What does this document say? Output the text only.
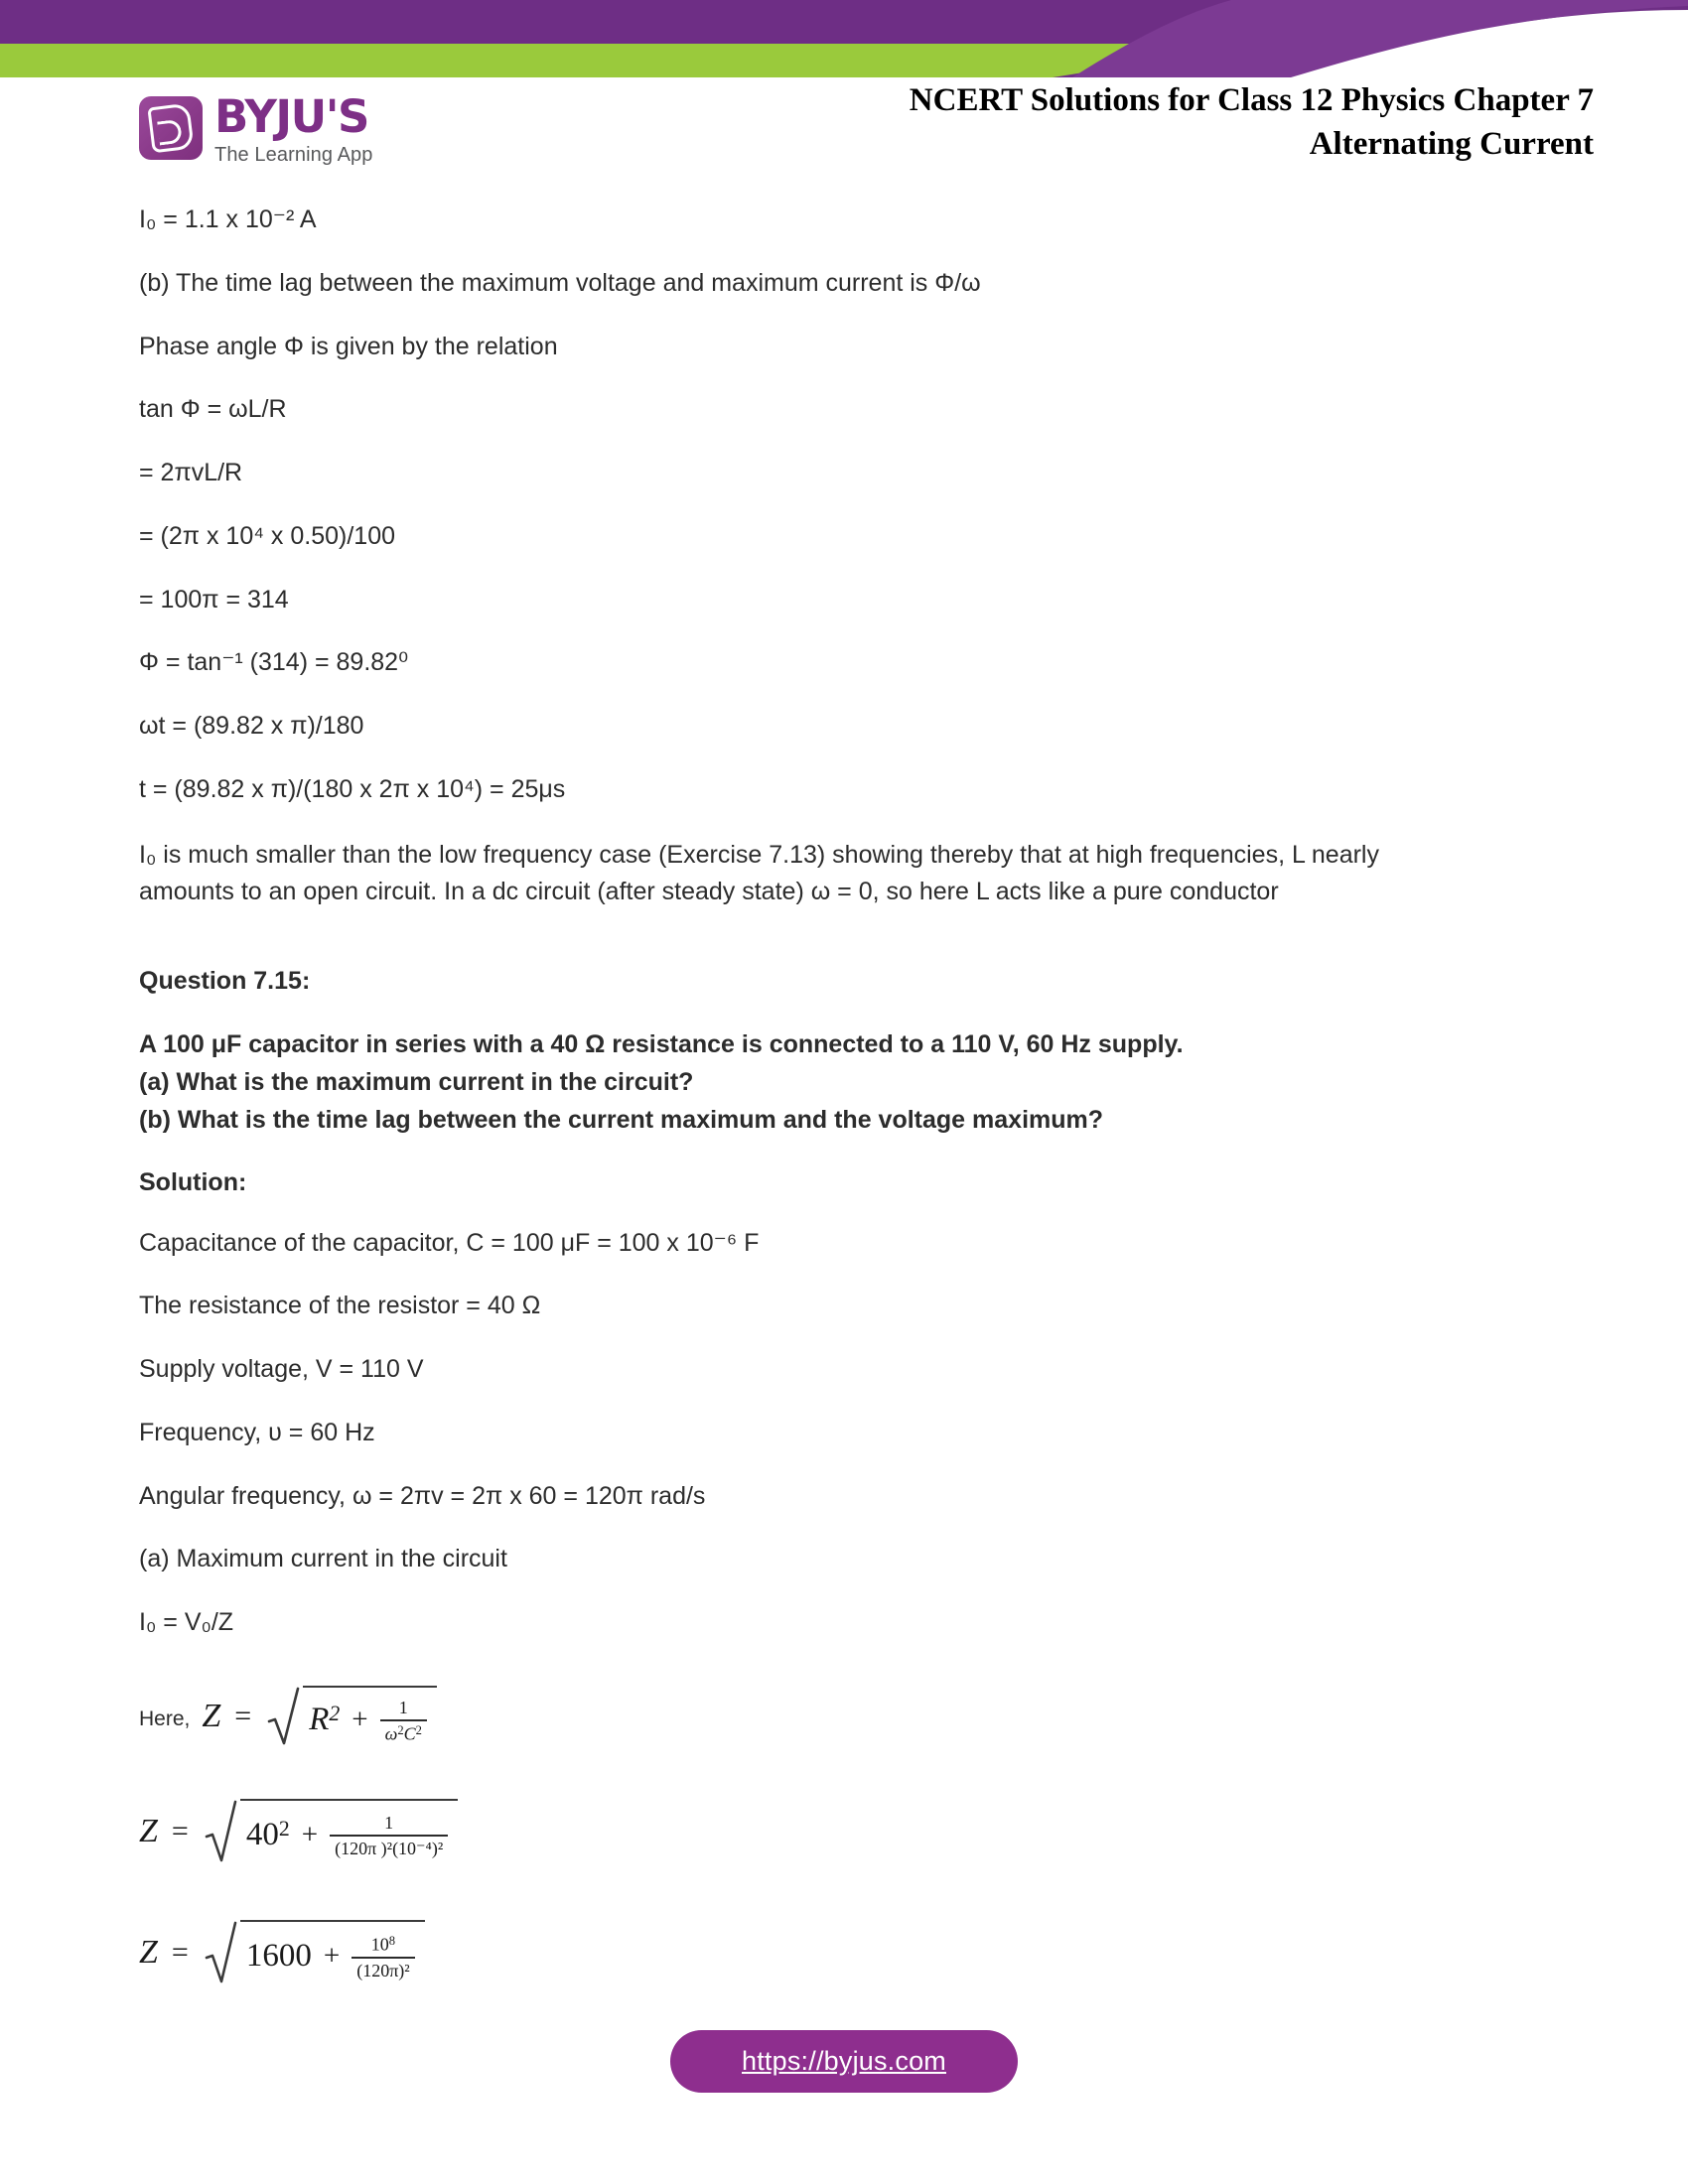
BYJU'S
The Learning App
NCERT Solutions for Class 12 Physics Chapter 7
Alternating Current
I₀ = 1.1 x 10⁻² A
(b) The time lag between the maximum voltage and maximum current is Φ/ω
Phase angle Φ is given by the relation
tan Φ = ωL/R
= 2πvL/R
= (2π x 10⁴ x 0.50)/100
= 100π = 314
Φ = tan⁻¹ (314) = 89.82⁰
ωt = (89.82 x π)/180
t = (89.82 x π)/(180 x 2π x 10⁴) = 25μs
I₀ is much smaller than the low frequency case (Exercise 7.13) showing thereby that at high frequencies, L nearly amounts to an open circuit. In a dc circuit (after steady state) ω = 0, so here L acts like a pure conductor
Question 7.15:
A 100 μF capacitor in series with a 40 Ω resistance is connected to a 110 V, 60 Hz supply.
(a) What is the maximum current in the circuit?
(b) What is the time lag between the current maximum and the voltage maximum?
Solution:
Capacitance of the capacitor, C = 100 μF = 100 x 10⁻⁶ F
The resistance of the resistor = 40 Ω
Supply voltage, V = 110 V
Frequency, υ = 60 Hz
Angular frequency, ω = 2πv = 2π x 60 = 120π rad/s
(a) Maximum current in the circuit
I₀ = V₀/Z
Here, $Z = R^2 + \frac{1}{\omega^2C^2}$
$Z = 40^2 + \frac{1}{\text{(120π )²(10⁻⁴)²}}$
$Z = 1600 + \frac{10^8}{\text{(120π)²}}$
https://byjus.com
